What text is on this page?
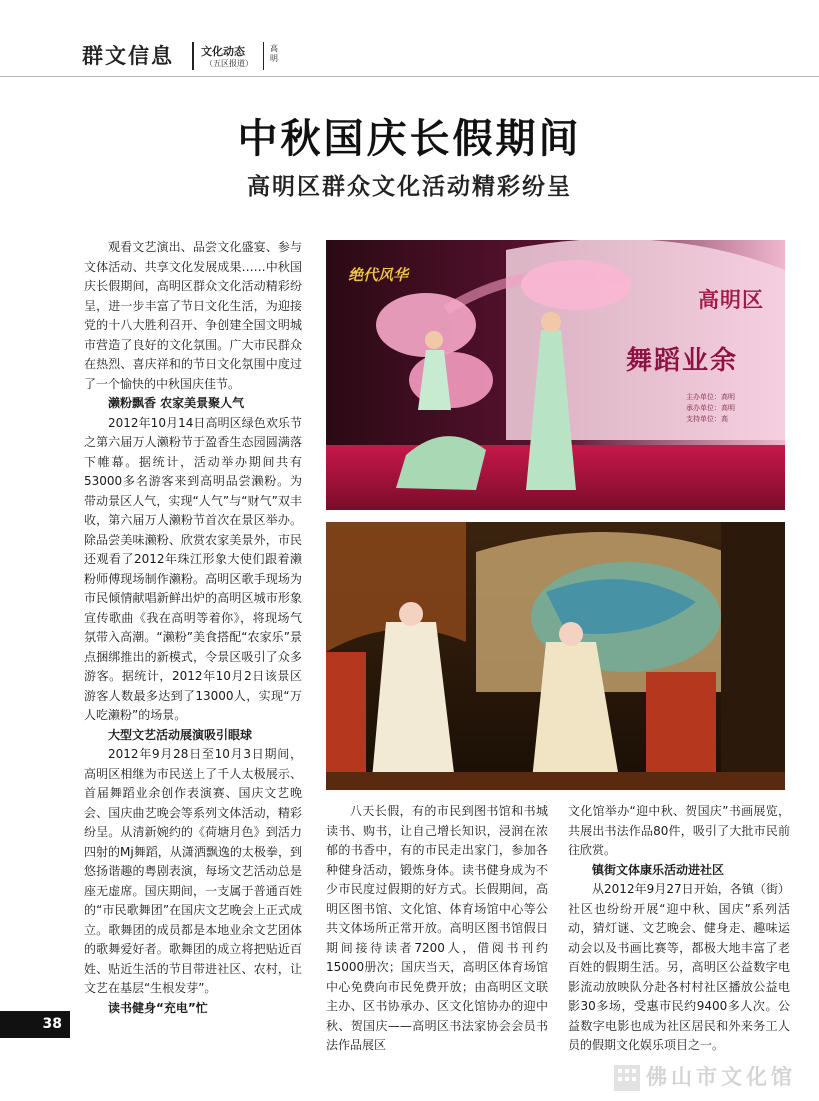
群文信息 文化动态
（五区报道）
高明
中秋国庆长假期间
高明区群众文化活动精彩纷呈

观看文艺演出、品尝文化盛宴、参与文体活动、共享文化发展成果……中秋国庆长假期间，高明区群众文化活动精彩纷呈，进一步丰富了节日文化生活，为迎接党的十八大胜利召开、争创建全国文明城市营造了良好的文化氛围。广大市民群众在热烈、喜庆祥和的节日文化氛围中度过了一个愉快的中秋国庆佳节。

濑粉飘香 农家美景聚人气

2012年10月14日高明区绿色欢乐节之第六届万人濑粉节于盈香生态园圆满落下帷幕。据统计，活动举办期间共有53000多名游客来到高明品尝濑粉。为带动景区人气，实现“人气”与“财气”双丰收，第六届万人濑粉节首次在景区举办。除品尝美味濑粉、欣赏农家美景外，市民还观看了2012年珠江形象大使们跟着濑粉师傅现场制作濑粉。高明区歌手现场为市民倾情献唱新鲜出炉的高明区城市形象宣传歌曲《我在高明等着你》，将现场气氛带入高潮。“濑粉”美食搭配“农家乐”景点捆绑推出的新模式，令景区吸引了众多游客。据统计，2012年10月2日该景区游客人数最多达到了13000人，实现“万人吃濑粉”的场景。

大型文艺活动展演吸引眼球

2012年9月28日至10月3日期间，高明区相继为市民送上了千人太极展示、首届舞蹈业余创作表演赛、国庆文艺晚会、国庆曲艺晚会等系列文体活动，精彩纷呈。从清新婉约的《荷塘月色》到活力四射的Mj舞蹈，从潇洒飘逸的太极拳，到悠扬谐趣的粤剧表演，每场文艺活动总是座无虚席。国庆期间，一支属于普通百姓的“市民歌舞团”在国庆文艺晚会上正式成立。歌舞团的成员都是本地业余文艺团体的歌舞爱好者。歌舞团的成立将把贴近百姓、贴近生活的节目带进社区、农村，让文艺在基层“生根发芽”。

读书健身“充电”忙
高明区
舞蹈业余
绝代风华
主办单位：高明
承办单位：高明
支持单位：高

八天长假，有的市民到图书馆和书城读书、购书，让自己增长知识，浸润在浓郁的书香中，有的市民走出家门，参加各种健身活动，锻炼身体。读书健身成为不少市民度过假期的好方式。长假期间，高明区图书馆、文化馆、体育场馆中心等公共文体场所正常开放。高明区图书馆假日期间接待读者7200人，借阅书刊约15000册次；国庆当天，高明区体育场馆中心免费向市民免费开放；由高明区文联主办、区书协承办、区文化馆协办的迎中秋、贺国庆——高明区书法家协会会员书法作品展区

文化馆举办“迎中秋、贺国庆”书画展览，共展出书法作品80件，吸引了大批市民前往欣赏。

镇街文体康乐活动进社区

从2012年9月27日开始，各镇（街）社区也纷纷开展“迎中秋、国庆”系列活动，猜灯谜、文艺晚会、健身走、趣味运动会以及书画比赛等，都极大地丰富了老百姓的假期生活。另，高明区公益数字电影流动放映队分赴各村村社区播放公益电影30多场，受惠市民约9400多人次。公益数字电影也成为社区居民和外来务工人员的假期文化娱乐项目之一。

38
佛山市文化馆
